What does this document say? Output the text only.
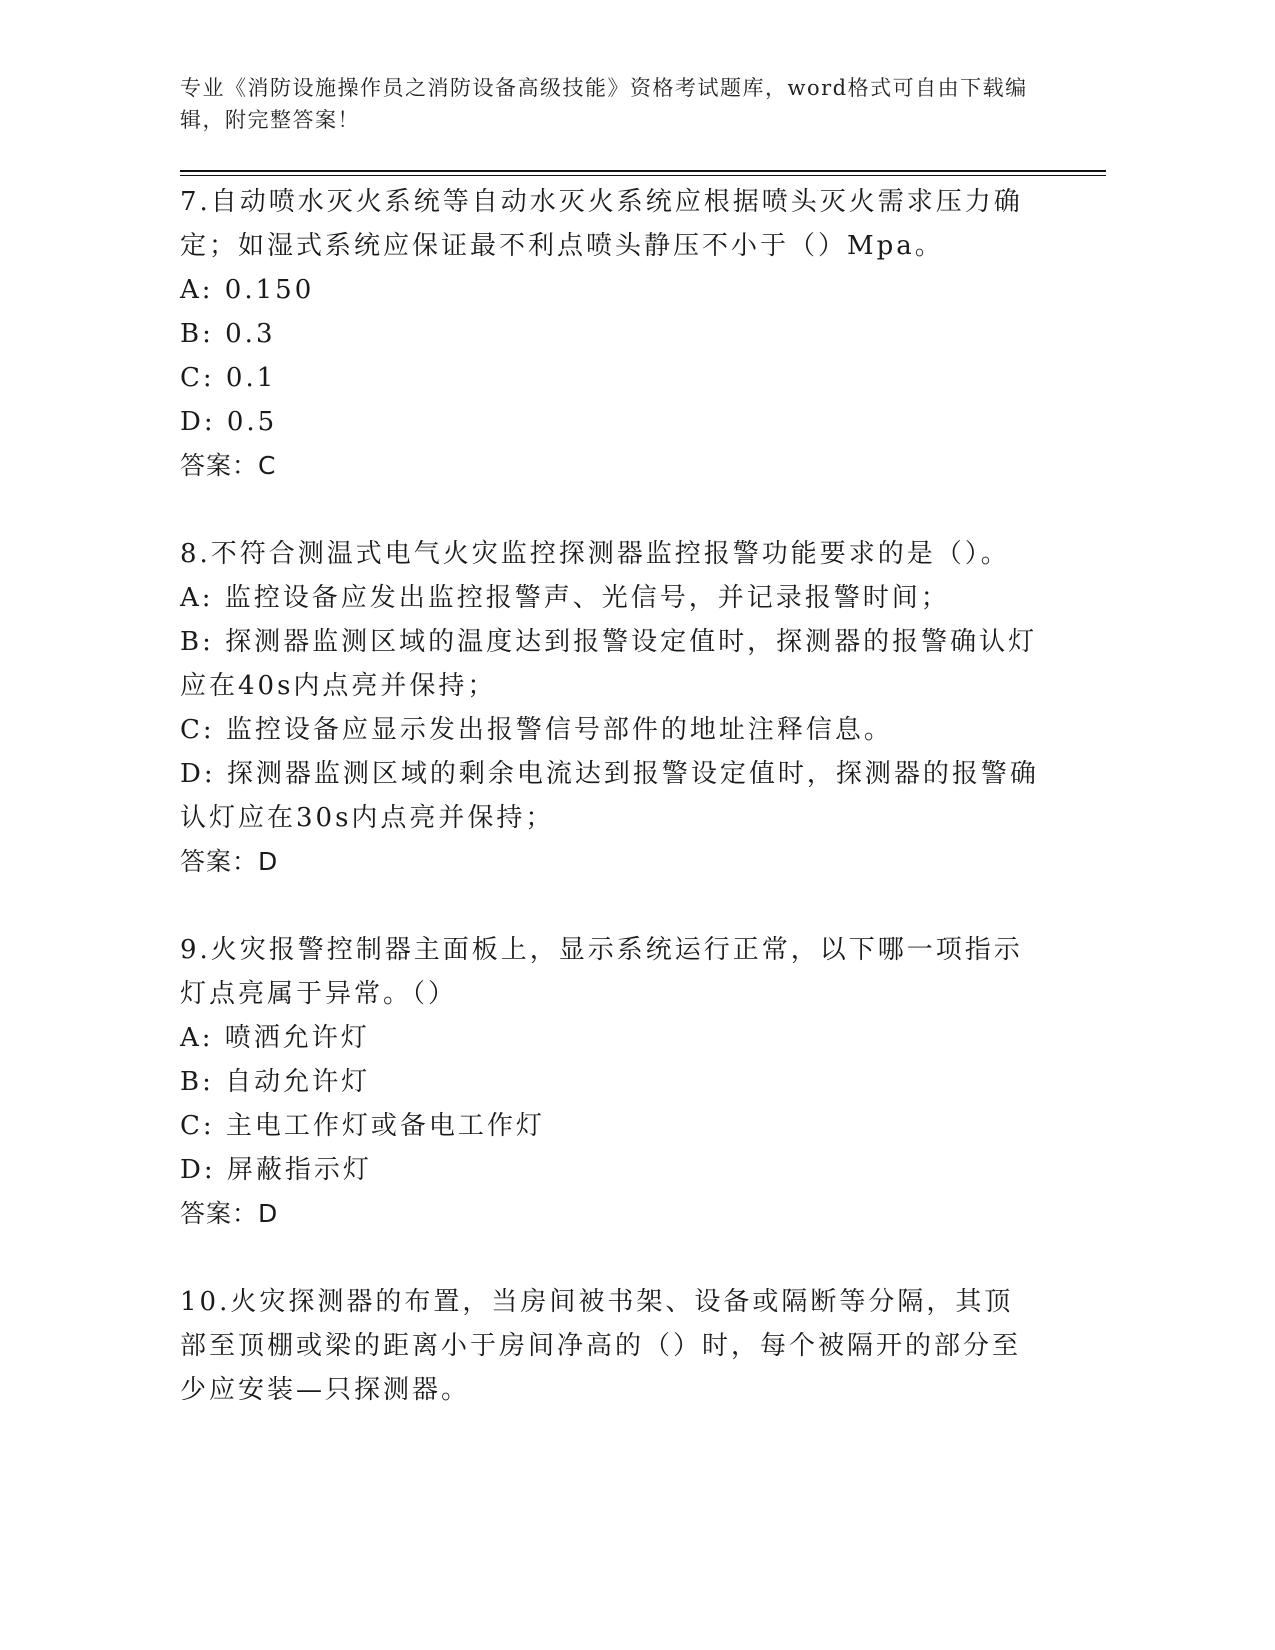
专业《消防设施操作员之消防设备高级技能》资格考试题库，word格式可自由下载编辑，附完整答案！

7.自动喷水灭火系统等自动水灭火系统应根据喷头灭火需求压力确定；如湿式系统应保证最不利点喷头静压不小于（）Mpa。

A: 0.150

B: 0.3

C: 0.1

D: 0.5

答案：C

8.不符合测温式电气火灾监控探测器监控报警功能要求的是（）。

A: 监控设备应发出监控报警声、光信号，并记录报警时间；

B: 探测器监测区域的温度达到报警设定值时，探测器的报警确认灯应在40s内点亮并保持；

C: 监控设备应显示发出报警信号部件的地址注释信息。

D: 探测器监测区域的剩余电流达到报警设定值时，探测器的报警确认灯应在30s内点亮并保持；

答案：D

9.火灾报警控制器主面板上，显示系统运行正常，以下哪一项指示灯点亮属于异常。（）

A: 喷洒允许灯

B: 自动允许灯

C: 主电工作灯或备电工作灯

D: 屏蔽指示灯

答案：D

10.火灾探测器的布置，当房间被书架、设备或隔断等分隔，其顶部至顶棚或梁的距离小于房间净高的（）时，每个被隔开的部分至少应安装—只探测器。
